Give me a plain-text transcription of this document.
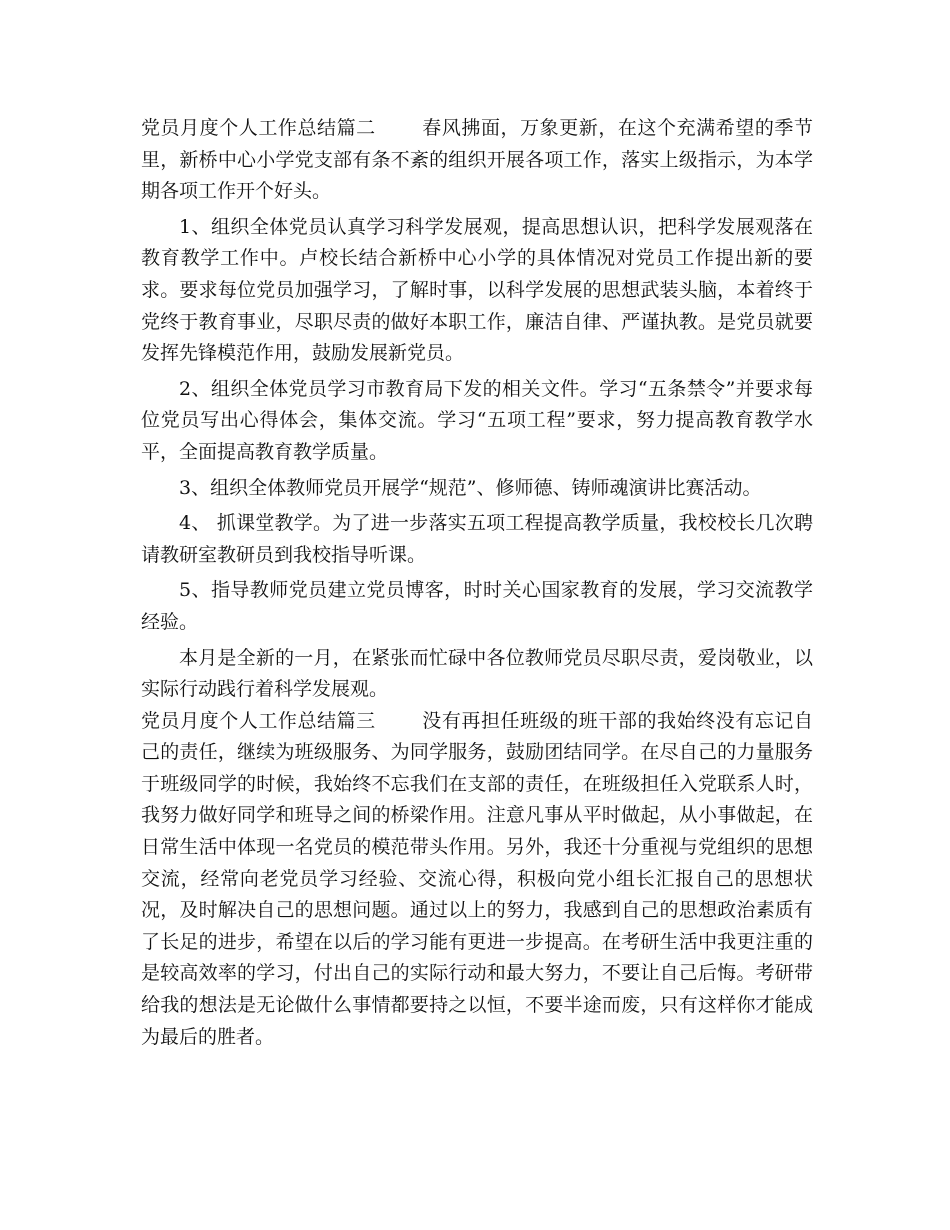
党员月度个人工作总结篇二 春风拂面，万象更新，在这个充满希望的季节里，新桥中心小学党支部有条不紊的组织开展各项工作，落实上级指示，为本学期各项工作开个好头。

1、组织全体党员认真学习科学发展观，提高思想认识，把科学发展观落在教育教学工作中。卢校长结合新桥中心小学的具体情况对党员工作提出新的要求。要求每位党员加强学习，了解时事，以科学发展的思想武装头脑，本着终于党终于教育事业，尽职尽责的做好本职工作，廉洁自律、严谨执教。是党员就要发挥先锋模范作用，鼓励发展新党员。

2、组织全体党员学习市教育局下发的相关文件。学习“五条禁令”并要求每位党员写出心得体会，集体交流。学习“五项工程”要求，努力提高教育教学水平，全面提高教育教学质量。

3、组织全体教师党员开展学“规范”、修师德、铸师魂演讲比赛活动。

4、 抓课堂教学。为了进一步落实五项工程提高教学质量，我校校长几次聘请教研室教研员到我校指导听课。

5、指导教师党员建立党员博客，时时关心国家教育的发展，学习交流教学经验。

本月是全新的一月，在紧张而忙碌中各位教师党员尽职尽责，爱岗敬业，以实际行动践行着科学发展观。

党员月度个人工作总结篇三 没有再担任班级的班干部的我始终没有忘记自己的责任，继续为班级服务、为同学服务，鼓励团结同学。在尽自己的力量服务于班级同学的时候，我始终不忘我们在支部的责任，在班级担任入党联系人时，我努力做好同学和班导之间的桥梁作用。注意凡事从平时做起，从小事做起，在日常生活中体现一名党员的模范带头作用。另外，我还十分重视与党组织的思想交流，经常向老党员学习经验、交流心得，积极向党小组长汇报自己的思想状况，及时解决自己的思想问题。通过以上的努力，我感到自己的思想政治素质有了长足的进步，希望在以后的学习能有更进一步提高。在考研生活中我更注重的是较高效率的学习，付出自己的实际行动和最大努力，不要让自己后悔。考研带给我的想法是无论做什么事情都要持之以恒，不要半途而废，只有这样你才能成为最后的胜者。
